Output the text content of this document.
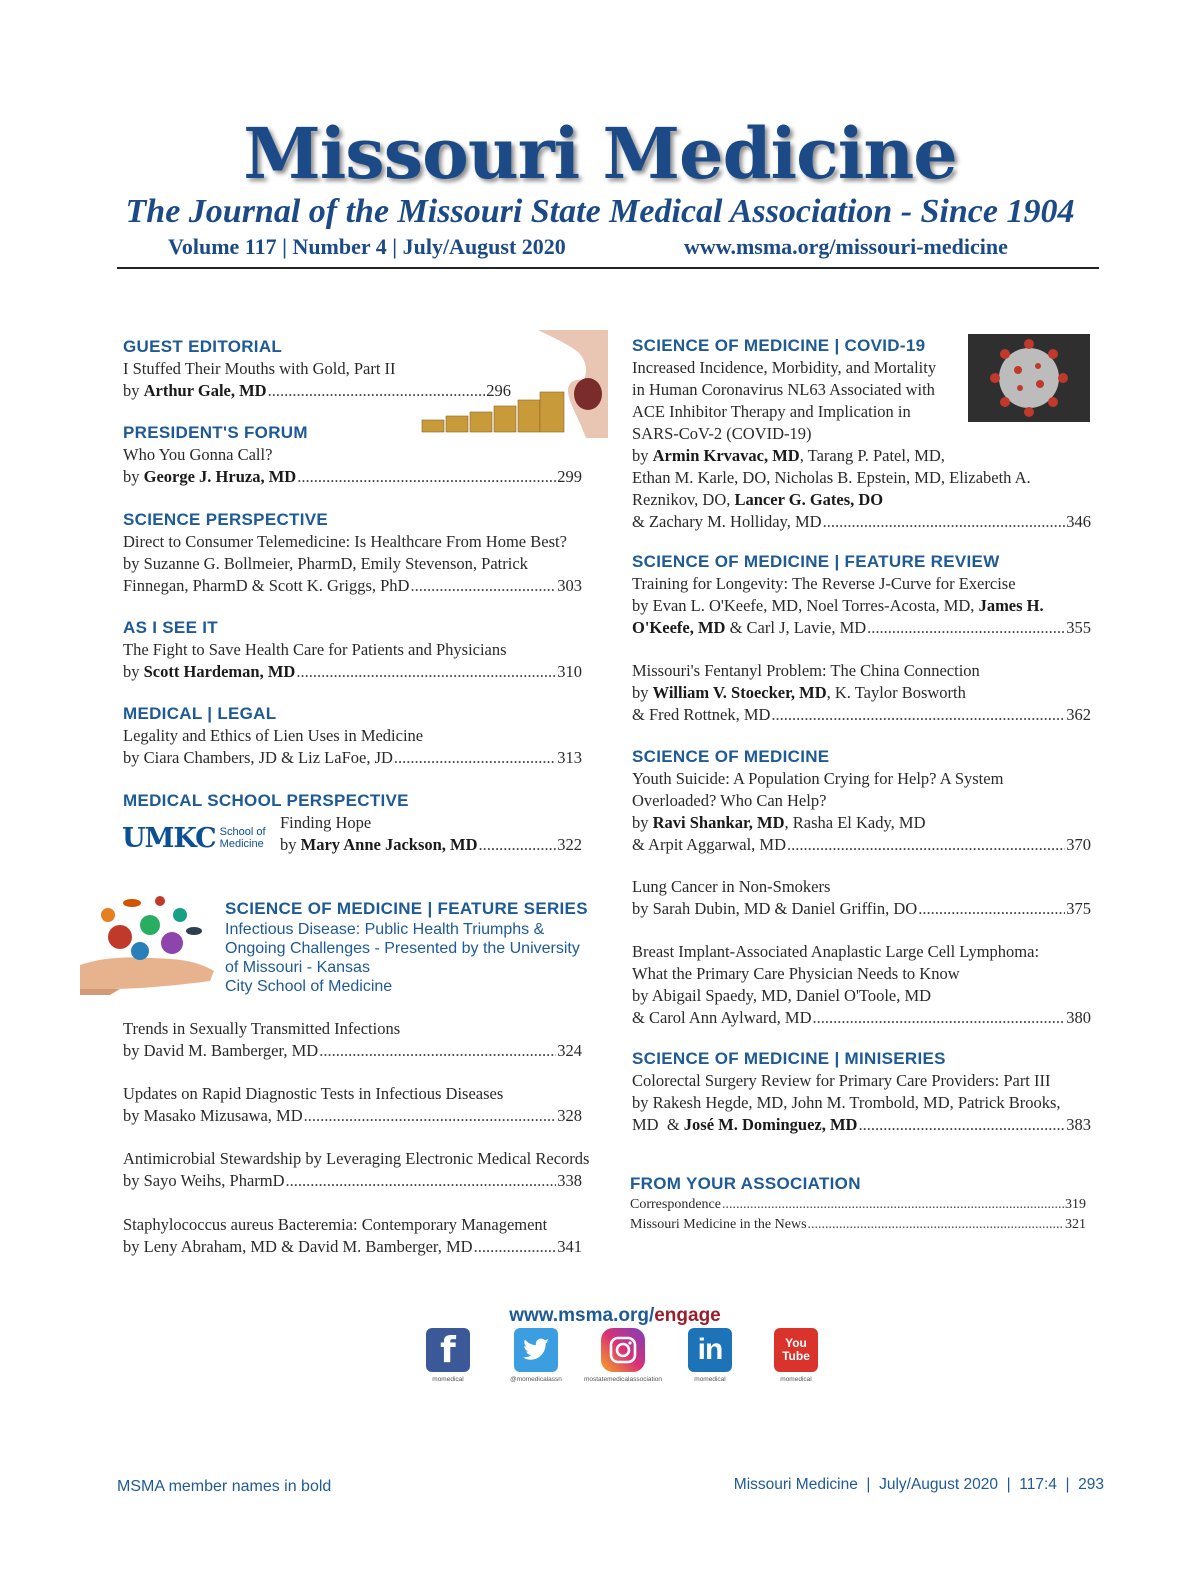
Missouri Medicine
The Journal of the Missouri State Medical Association - Since 1904
Volume 117 | Number 4 | July/August 2020	www.msma.org/missouri-medicine
GUEST EDITORIAL
I Stuffed Their Mouths with Gold, Part II
by
Arthur Gale, MD .....	296
PRESIDENT'S FORUM
Who You Gonna Call?
by
George J. Hruza, MD .....	299
SCIENCE PERSPECTIVE
Direct to Consumer Telemedicine: Is Healthcare From Home Best?
by Suzanne G. Bollmeier, PharmD, Emily Stevenson, Patrick
Finnegan, PharmD & Scott K. Griggs, PhD .....	303
AS I SEE IT
The Fight to Save Health Care for Patients and Physicians
by
Scott Hardeman, MD .....	310
MEDICAL | LEGAL
Legality and Ethics of Lien Uses in Medicine
by Ciara Chambers, JD & Liz LaFoe, JD .....	313
MEDICAL SCHOOL PERSPECTIVE
UMKC School of
Medicine
Finding Hope
by
Mary Anne Jackson, MD .....	322
SCIENCE OF MEDICINE | FEATURE SERIES
Infectious Disease: Public Health Triumphs &
Ongoing Challenges - Presented by the University
of Missouri - Kansas
City School of Medicine
Trends in Sexually Transmitted Infections
by David M. Bamberger, MD .....	324
Updates on Rapid Diagnostic Tests in Infectious Diseases
by Masako Mizusawa, MD .....	328
Antimicrobial Stewardship by Leveraging Electronic Medical Records
by Sayo Weihs, PharmD .....	338
Staphylococcus aureus Bacteremia: Contemporary Management
by Leny Abraham, MD & David M. Bamberger, MD .....	341
SCIENCE OF MEDICINE | COVID-19
Increased Incidence, Morbidity, and Mortality
in Human Coronavirus NL63 Associated with
ACE Inhibitor Therapy and Implication in
SARS-CoV-2 (COVID-19)
by Armin Krvavac, MD, Tarang P. Patel, MD,
Ethan M. Karle, DO, Nicholas B. Epstein, MD, Elizabeth A.
Reznikov, DO, Lancer G. Gates, DO
& Zachary M. Holliday, MD .....	346
SCIENCE OF MEDICINE | FEATURE REVIEW
Training for Longevity: The Reverse J-Curve for Exercise
by Evan L. O'Keefe, MD, Noel Torres-Acosta, MD, James H.
O'Keefe, MD & Carl J, Lavie, MD .....	355
Missouri's Fentanyl Problem: The China Connection
by William V. Stoecker, MD, K. Taylor Bosworth
& Fred Rottnek, MD .....	362
SCIENCE OF MEDICINE
Youth Suicide: A Population Crying for Help? A System
Overloaded? Who Can Help?
by Ravi Shankar, MD, Rasha El Kady, MD
& Arpit Aggarwal, MD .....	370
Lung Cancer in Non-Smokers
by Sarah Dubin, MD & Daniel Griffin, DO .....	375
Breast Implant-Associated Anaplastic Large Cell Lymphoma:
What the Primary Care Physician Needs to Know
by Abigail Spaedy, MD, Daniel O'Toole, MD
& Carol Ann Aylward, MD .....	380
SCIENCE OF MEDICINE | MINISERIES
Colorectal Surgery Review for Primary Care Providers: Part III
by Rakesh Hegde, MD, John M. Trombold, MD, Patrick Brooks,
MD  & José M. Dominguez, MD .....	383
FROM YOUR ASSOCIATION
Correspondence .....	319
Missouri Medicine in the News .....	321
www.msma.org/engage
f
momedical	@momedicalassn	mostatemedicalassociation
in
momedical
You Tube
momedical
MSMA member names in bold	Missouri Medicine  |  July/August 2020  |  117:4  |  293
